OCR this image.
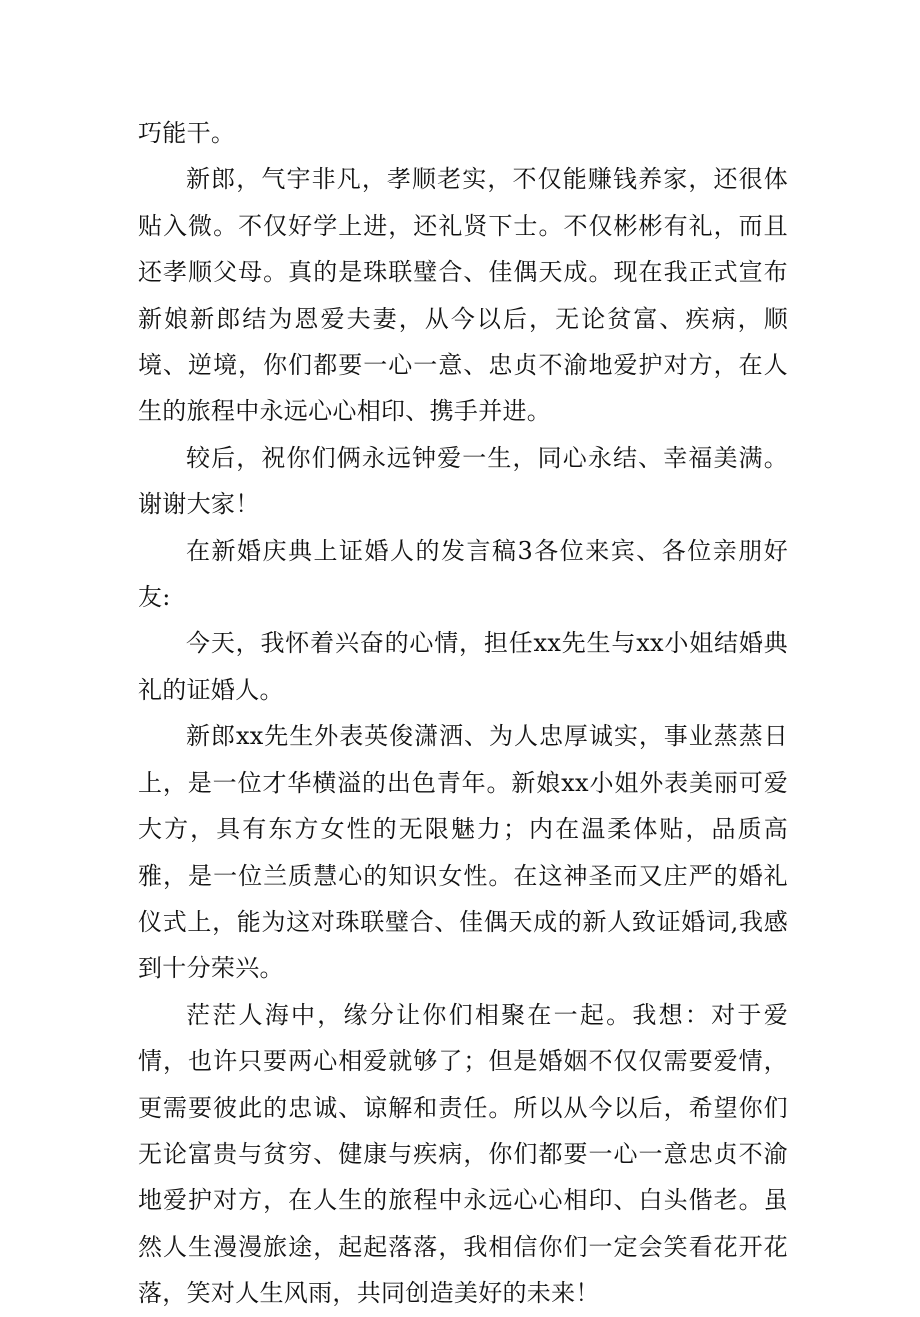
巧能干。

新郎，气宇非凡，孝顺老实，不仅能赚钱养家，还很体贴入微。不仅好学上进，还礼贤下士。不仅彬彬有礼，而且还孝顺父母。真的是珠联璧合、佳偶天成。现在我正式宣布新娘新郎结为恩爱夫妻，从今以后，无论贫富、疾病，顺境、逆境，你们都要一心一意、忠贞不渝地爱护对方，在人生的旅程中永远心心相印、携手并进。

较后，祝你们俩永远钟爱一生，同心永结、幸福美满。谢谢大家！

在新婚庆典上证婚人的发言稿3各位来宾、各位亲朋好友:

今天，我怀着兴奋的心情，担任xx先生与xx小姐结婚典礼的证婚人。

新郎xx先生外表英俊潇洒、为人忠厚诚实，事业蒸蒸日上，是一位才华横溢的出色青年。新娘xx小姐外表美丽可爱大方，具有东方女性的无限魅力；内在温柔体贴，品质高雅，是一位兰质慧心的知识女性。在这神圣而又庄严的婚礼仪式上，能为这对珠联璧合、佳偶天成的新人致证婚词,我感到十分荣兴。

茫茫人海中，缘分让你们相聚在一起。我想：对于爱情，也许只要两心相爱就够了；但是婚姻不仅仅需要爱情，更需要彼此的忠诚、谅解和责任。所以从今以后，希望你们无论富贵与贫穷、健康与疾病，你们都要一心一意忠贞不渝地爱护对方，在人生的旅程中永远心心相印、白头偕老。虽然人生漫漫旅途，起起落落，我相信你们一定会笑看花开花落，笑对人生风雨，共同创造美好的未来！
